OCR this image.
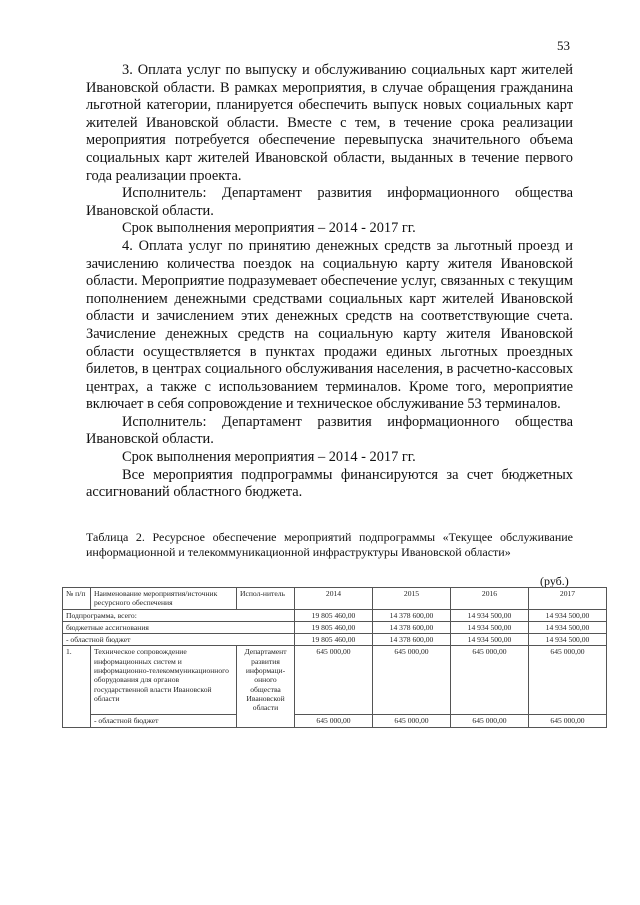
53

3. Оплата услуг по выпуску и обслуживанию социальных карт жителей Ивановской области. В рамках мероприятия, в случае обращения гражданина льготной категории, планируется обеспечить выпуск новых социальных карт жителей Ивановской области. Вместе с тем, в течение срока реализации мероприятия потребуется обеспечение перевыпуска значительного объема социальных карт жителей Ивановской области, выданных в течение первого года реализации проекта.

Исполнитель: Департамент развития информационного общества Ивановской области.

Срок выполнения мероприятия – 2014 - 2017 гг.

4. Оплата услуг по принятию денежных средств за льготный проезд и зачислению количества поездок на социальную карту жителя Ивановской области. Мероприятие подразумевает обеспечение услуг, связанных с текущим пополнением денежными средствами социальных карт жителей Ивановской области и зачислением этих денежных средств на соответствующие счета. Зачисление денежных средств на социальную карту жителя Ивановской области осуществляется в пунктах продажи единых льготных проездных билетов, в центрах социального обслуживания населения, в расчетно-кассовых центрах, а также с использованием терминалов. Кроме того, мероприятие включает в себя сопровождение и техническое обслуживание 53 терминалов.

Исполнитель: Департамент развития информационного общества Ивановской области.

Срок выполнения мероприятия – 2014 - 2017 гг.

Все мероприятия подпрограммы финансируются за счет бюджетных ассигнований областного бюджета.

Таблица 2. Ресурсное обеспечение мероприятий подпрограммы «Текущее обслуживание информационной и телекоммуникационной инфраструктуры Ивановской области»
(руб.)
№ п/п	Наименование мероприятия/источник ресурсного обеспечения	Испол-нитель	2014	2015	2016	2017
Подпрограмма, всего:			19 805 460,00	14 378 600,00	14 934 500,00	14 934 500,00
бюджетные ассигнования			19 805 460,00	14 378 600,00	14 934 500,00	14 934 500,00
- областной бюджет			19 805 460,00	14 378 600,00	14 934 500,00	14 934 500,00
1.	Техническое сопровождение информационных систем и информационно-телекоммуникационного оборудования для органов государственной власти Ивановской области	Департамент развития информаци-онного общества Ивановской области	645 000,00	645 000,00	645 000,00	645 000,00
	- областной бюджет		645 000,00	645 000,00	645 000,00	645 000,00
